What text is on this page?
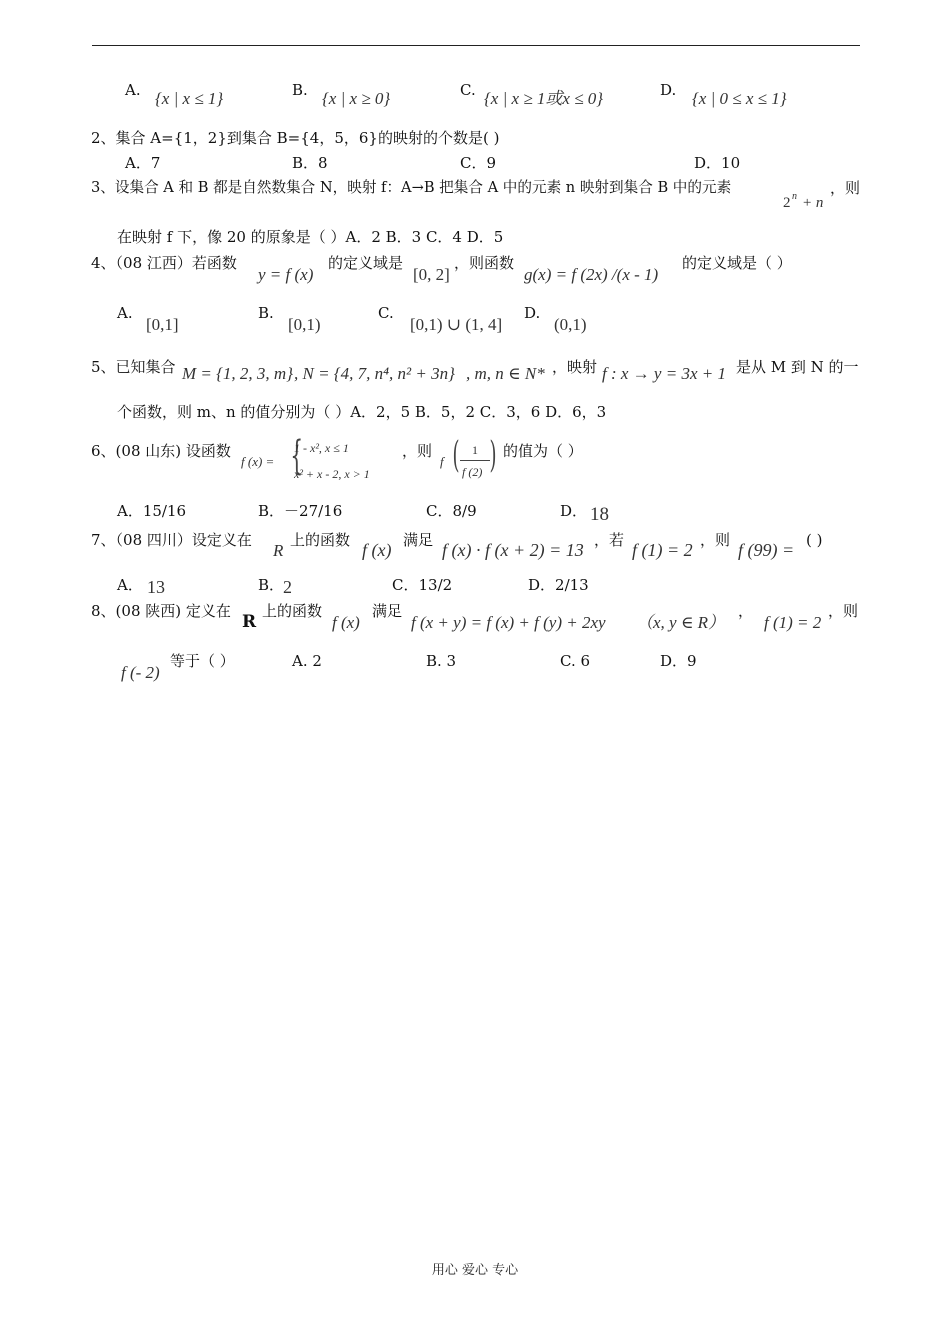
A. {x | x ≤ 1}	B. {x | x ≥ 0}	C. {x | x ≥ 1或x ≤ 0}	D. {x | 0 ≤ x ≤ 1}
2、集合 A={1，2}到集合 B={4，5，6}的映射的个数是( )
A．7	B．8	C．9	D．10
3、设集合 A 和 B 都是自然数集合 N，映射 f：A→B 把集合 A 中的元素 n 映射到集合 B 中的元素
2 n + n
，则
在映射 f 下，像 20 的原象是（ ）A．2 B．3 C．4 D．5
4、（08 江西）若函数
y = f (x)
的定义域是
[0, 2]
，则函数
g(x) = f (2x) /(x - 1)
的定义域是（ ）
A.
[0,1]
B.
[0,1)
C.
[0,1) ∪ (1, 4]
D.
(0,1)
5、已知集合 M = {1, 2, 3, m} , N = {4, 7, n⁴, n² + 3n} , m, n ∈ N* ，映射 f : x → y = 3x + 1 是从 M 到 N 的一
个函数，则 m、n 的值分别为（ ）A．2，5 B．5，2 C．3，6 D．6，3
6、(08 山东) 设函数
f (x) = {
1 - x², x ≤ 1
x² + x - 2, x > 1
，则
f ( 1
f (2) ) 的值为（ ）
A．15/16	B．－27/16	C．8/9	D． 18
7、（08 四川）设定义在
R
上的函数 f (x) 满足 f (x) · f (x + 2) = 13 ，若 f (1) = 2 ，则 f (99) = ( )
A． 13	B．
2	C．13/2	D．2/13
8、(08 陕西) 定义在
R
上的函数
f (x)
满足
f (x + y) = f (x) + f (y) + 2xy （x, y ∈ R）
，
f (1) = 2
，则
f (- 2)
等于（ ）	A. 2	B. 3	C. 6	D．9
用心 爱心 专心
